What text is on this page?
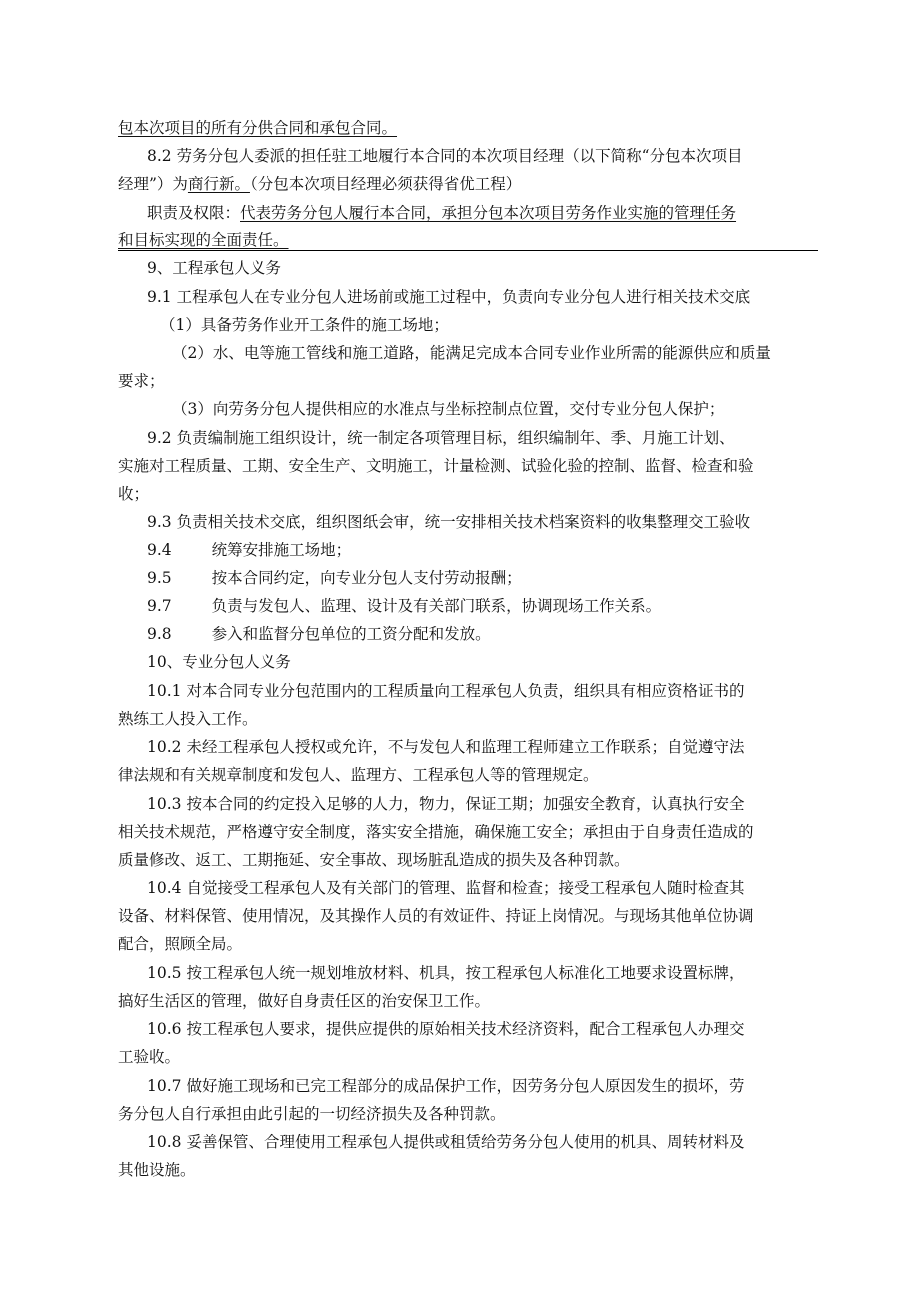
包本次项目的所有分供合同和承包合同。
8.2 劳务分包人委派的担任驻工地履行本合同的本次项目经理（以下简称“分包本次项目
经理”）为商行新。（分包本次项目经理必须获得省优工程）
职责及权限：代表劳务分包人履行本合同，承担分包本次项目劳务作业实施的管理任务
和目标实现的全面责任。
9、工程承包人义务
9.1 工程承包人在专业分包人进场前或施工过程中，负责向专业分包人进行相关技术交底
（1）具备劳务作业开工条件的施工场地；
（2）水、电等施工管线和施工道路，能满足完成本合同专业作业所需的能源供应和质量
要求；
（3）向劳务分包人提供相应的水准点与坐标控制点位置，交付专业分包人保护；
9.2 负责编制施工组织设计，统一制定各项管理目标，组织编制年、季、月施工计划、
实施对工程质量、工期、安全生产、文明施工，计量检测、试验化验的控制、监督、检查和验
收；
9.3 负责相关技术交底，组织图纸会审，统一安排相关技术档案资料的收集整理交工验收
9.4	统筹安排施工场地；
9.5	按本合同约定，向专业分包人支付劳动报酬；
9.7	负责与发包人、监理、设计及有关部门联系，协调现场工作关系。
9.8	参入和监督分包单位的工资分配和发放。
10、专业分包人义务
10.1 对本合同专业分包范围内的工程质量向工程承包人负责，组织具有相应资格证书的
熟练工人投入工作。
10.2 未经工程承包人授权或允许，不与发包人和监理工程师建立工作联系；自觉遵守法
律法规和有关规章制度和发包人、监理方、工程承包人等的管理规定。
10.3 按本合同的约定投入足够的人力，物力，保证工期；加强安全教育，认真执行安全
相关技术规范，严格遵守安全制度，落实安全措施，确保施工安全；承担由于自身责任造成的
质量修改、返工、工期拖延、安全事故、现场脏乱造成的损失及各种罚款。
10.4 自觉接受工程承包人及有关部门的管理、监督和检查；接受工程承包人随时检查其
设备、材料保管、使用情况，及其操作人员的有效证件、持证上岗情况。与现场其他单位协调
配合，照顾全局。
10.5 按工程承包人统一规划堆放材料、机具，按工程承包人标准化工地要求设置标牌，
搞好生活区的管理，做好自身责任区的治安保卫工作。
10.6 按工程承包人要求，提供应提供的原始相关技术经济资料，配合工程承包人办理交
工验收。
10.7 做好施工现场和已完工程部分的成品保护工作，因劳务分包人原因发生的损坏，劳
务分包人自行承担由此引起的一切经济损失及各种罚款。
10.8 妥善保管、合理使用工程承包人提供或租赁给劳务分包人使用的机具、周转材料及
其他设施。
